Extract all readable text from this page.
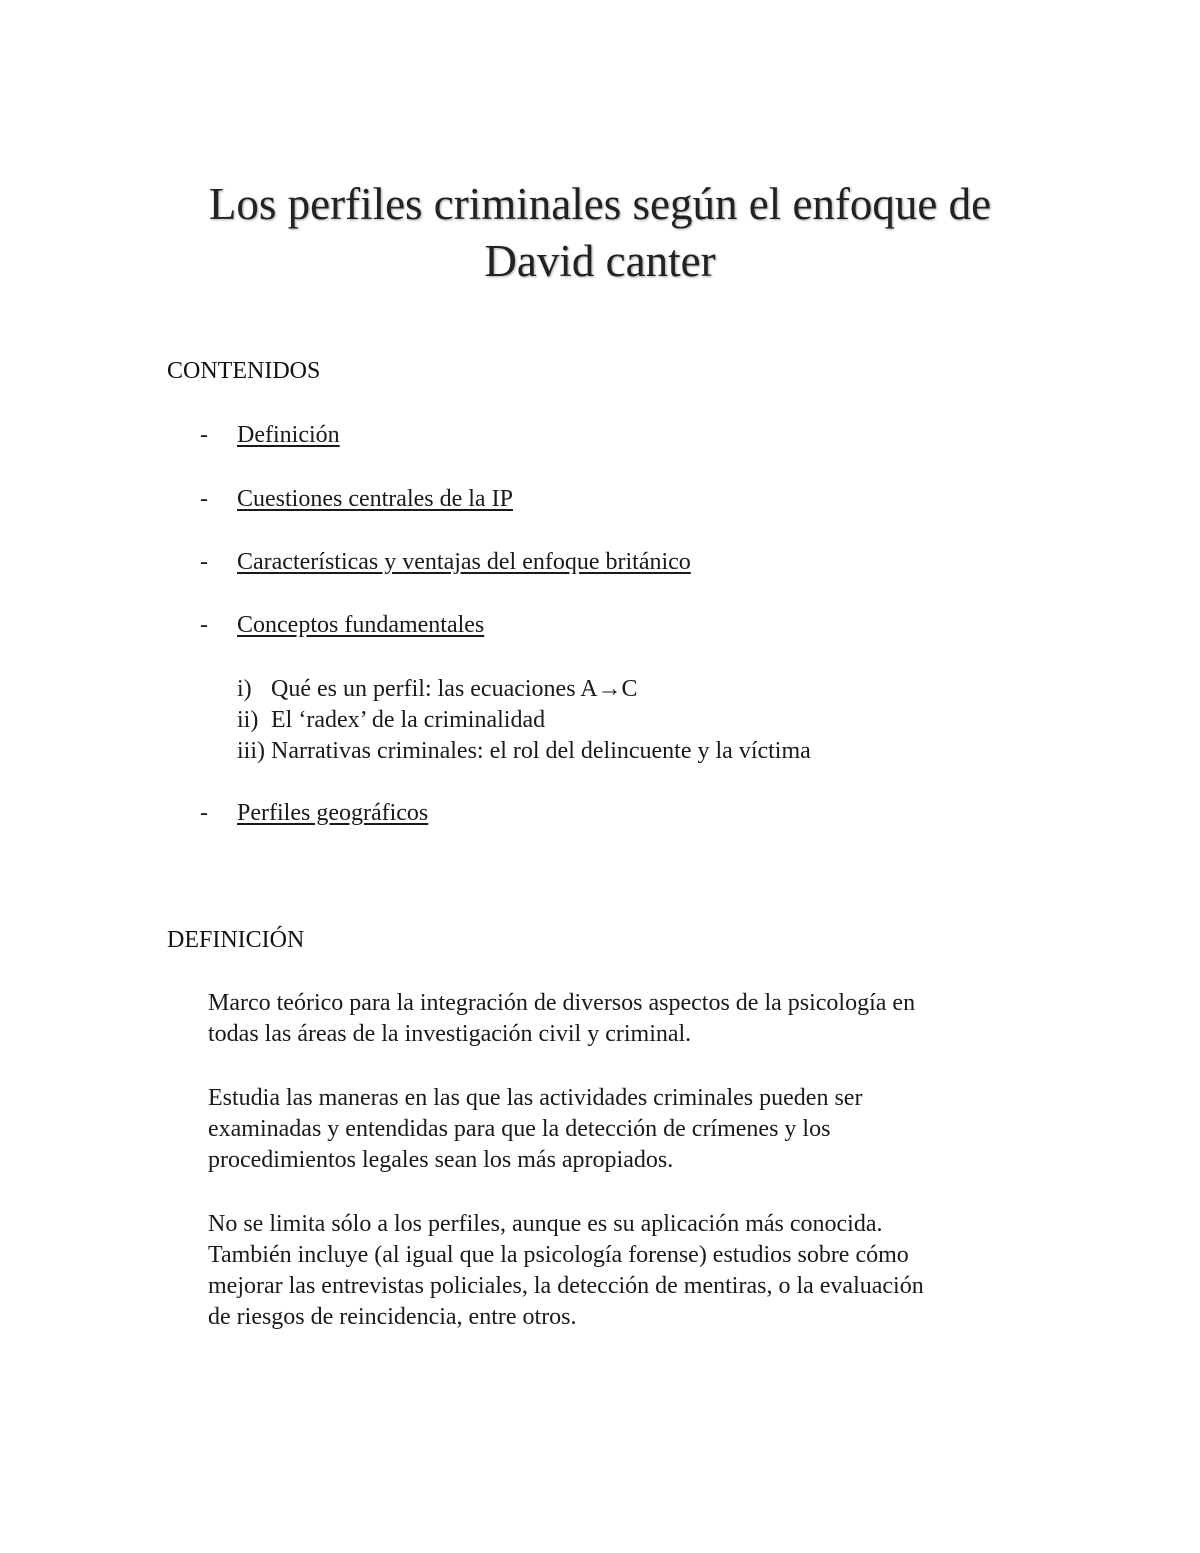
Los perfiles criminales según el enfoque de
David canter
CONTENIDOS
- Definición
- Cuestiones centrales de la IP
- Características y ventajas del enfoque británico
- Conceptos fundamentales
i) Qué es un perfil: las ecuaciones A→C
ii) El ‘radex’ de la criminalidad
iii) Narrativas criminales: el rol del delincuente y la víctima
- Perfiles geográficos
DEFINICIÓN
Marco teórico para la integración de diversos aspectos de la psicología en
todas las áreas de la investigación civil y criminal.
Estudia las maneras en las que las actividades criminales pueden ser
examinadas y entendidas para que la detección de crímenes y los
procedimientos legales sean los más apropiados.
No se limita sólo a los perfiles, aunque es su aplicación más conocida.
También incluye (al igual que la psicología forense) estudios sobre cómo
mejorar las entrevistas policiales, la detección de mentiras, o la evaluación
de riesgos de reincidencia, entre otros.
